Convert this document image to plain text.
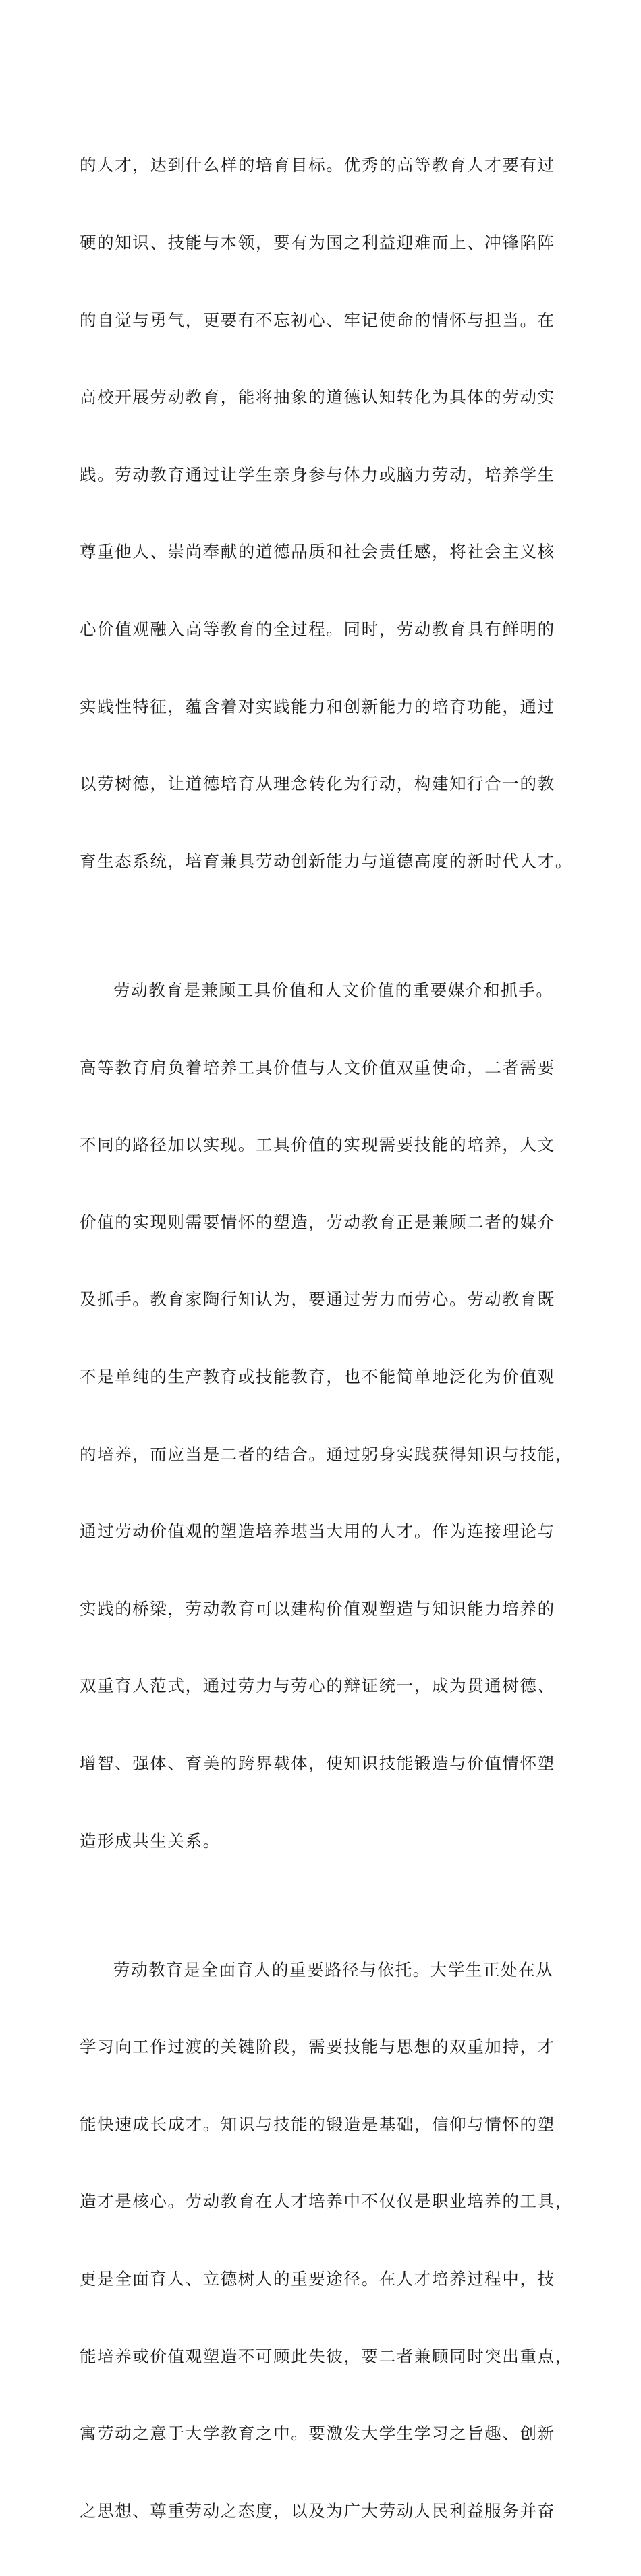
的人才，达到什么样的培育目标。优秀的高等教育人才要有过

硬的知识、技能与本领，要有为国之利益迎难而上、冲锋陷阵

的自觉与勇气，更要有不忘初心、牢记使命的情怀与担当。在

高校开展劳动教育，能将抽象的道德认知转化为具体的劳动实

践。劳动教育通过让学生亲身参与体力或脑力劳动，培养学生

尊重他人、崇尚奉献的道德品质和社会责任感，将社会主义核

心价值观融入高等教育的全过程。同时，劳动教育具有鲜明的

实践性特征，蕴含着对实践能力和创新能力的培育功能，通过

以劳树德，让道德培育从理念转化为行动，构建知行合一的教

育生态系统，培育兼具劳动创新能力与道德高度的新时代人才。

劳动教育是兼顾工具价值和人文价值的重要媒介和抓手。

高等教育肩负着培养工具价值与人文价值双重使命，二者需要

不同的路径加以实现。工具价值的实现需要技能的培养，人文

价值的实现则需要情怀的塑造，劳动教育正是兼顾二者的媒介

及抓手。教育家陶行知认为，要通过劳力而劳心。劳动教育既

不是单纯的生产教育或技能教育，也不能简单地泛化为价值观

的培养，而应当是二者的结合。通过躬身实践获得知识与技能，

通过劳动价值观的塑造培养堪当大用的人才。作为连接理论与

实践的桥梁，劳动教育可以建构价值观塑造与知识能力培养的

双重育人范式，通过劳力与劳心的辩证统一，成为贯通树德、

增智、强体、育美的跨界载体，使知识技能锻造与价值情怀塑

造形成共生关系。

劳动教育是全面育人的重要路径与依托。大学生正处在从

学习向工作过渡的关键阶段，需要技能与思想的双重加持，才

能快速成长成才。知识与技能的锻造是基础，信仰与情怀的塑

造才是核心。劳动教育在人才培养中不仅仅是职业培养的工具，

更是全面育人、立德树人的重要途径。在人才培养过程中，技

能培养或价值观塑造不可顾此失彼，要二者兼顾同时突出重点，

寓劳动之意于大学教育之中。要激发大学生学习之旨趣、创新

之思想、尊重劳动之态度，以及为广大劳动人民利益服务并奋
